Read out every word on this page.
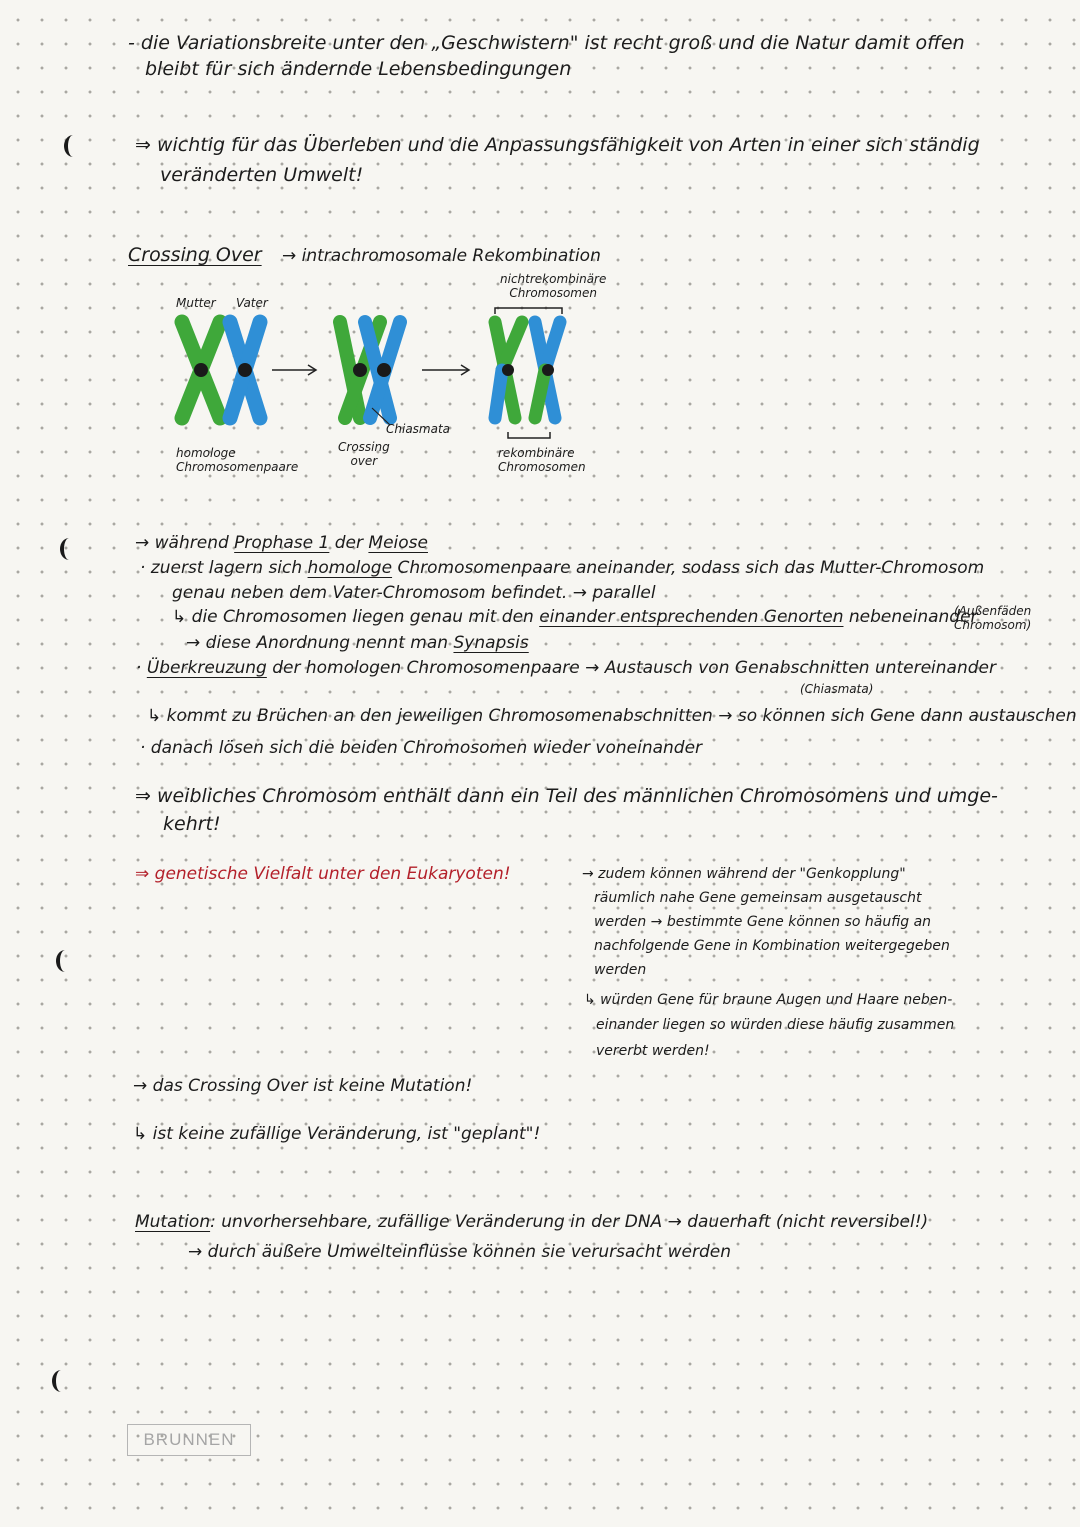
- die Variationsbreite unter den „Geschwistern" ist recht groß und die Natur damit offen
bleibt für sich ändernde Lebensbedingungen
⇒ wichtig für das Überleben und die Anpassungsfähigkeit von Arten in einer sich ständig
veränderten Umwelt!
Crossing Over → intrachromosomale Rekombination
nichtrekombinäre
Chromosomen
Mutter Vater
Chiasmata
homologe
Chromosomenpaare
Crossing
over
rekombinäre
Chromosomen
→ während Prophase 1 der Meiose
· zuerst lagern sich homologe Chromosomenpaare aneinander, sodass sich das Mutter-Chromosom
genau neben dem Vater-Chromosom befindet. → parallel
↳ die Chromosomen liegen genau mit den einander entsprechenden Genorten nebeneinander
(Außenfäden Chromosom)
→ diese Anordnung nennt man Synapsis
· Überkreuzung der homologen Chromosomenpaare → Austausch von Genabschnitten untereinander
(Chiasmata)
↳ kommt zu Brüchen an den jeweiligen Chromosomenabschnitten → so können sich Gene dann austauschen
· danach lösen sich die beiden Chromosomen wieder voneinander
⇒ weibliches Chromosom enthält dann ein Teil des männlichen Chromosomens und umge-
kehrt!
⇒ genetische Vielfalt unter den Eukaryoten!	→ zudem können während der "Genkopplung"
räumlich nahe Gene gemeinsam ausgetauscht
werden → bestimmte Gene können so häufig an
nachfolgende Gene in Kombination weitergegeben
werden
↳ würden Gene für braune Augen und Haare neben-
einander liegen so würden diese häufig zusammen
vererbt werden!
→ das Crossing Over ist keine Mutation!
↳ ist keine zufällige Veränderung, ist "geplant"!
Mutation: unvorhersehbare, zufällige Veränderung in der DNA → dauerhaft (nicht reversibel!)
→ durch äußere Umwelteinflüsse können sie verursacht werden
BRUNNEN
